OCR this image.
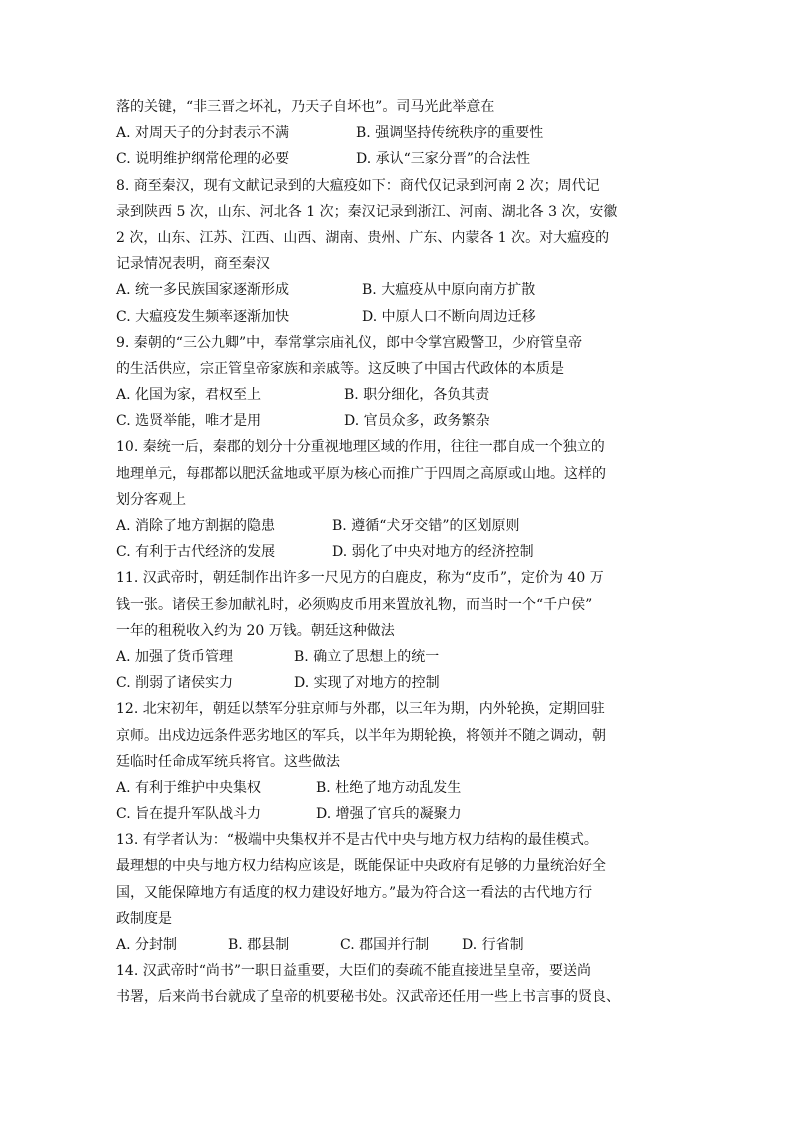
落的关键，“非三晋之坏礼，乃天子自坏也”。司马光此举意在
A. 对周天子的分封表示不满	B. 强调坚持传统秩序的重要性
C. 说明维护纲常伦理的必要	D. 承认“三家分晋”的合法性
8. 商至秦汉，现有文献记录到的大瘟疫如下：商代仅记录到河南 2 次；周代记
录到陕西 5 次，山东、河北各 1 次；秦汉记录到浙江、河南、湖北各 3 次，安徽
2 次，山东、江苏、江西、山西、湖南、贵州、广东、内蒙各 1 次。对大瘟疫的
记录情况表明，商至秦汉
A. 统一多民族国家逐渐形成	B. 大瘟疫从中原向南方扩散
C. 大瘟疫发生频率逐渐加快	D. 中原人口不断向周边迁移
9. 秦朝的“三公九卿”中，奉常掌宗庙礼仪，郎中令掌宫殿警卫，少府管皇帝
的生活供应，宗正管皇帝家族和亲戚等。这反映了中国古代政体的本质是
A. 化国为家，君权至上	B. 职分细化，各负其责
C. 选贤举能，唯才是用	D. 官员众多，政务繁杂
10. 秦统一后，秦郡的划分十分重视地理区域的作用，往往一郡自成一个独立的
地理单元，每郡都以肥沃盆地或平原为核心而推广于四周之高原或山地。这样的
划分客观上
A. 消除了地方割据的隐患	B. 遵循“犬牙交错”的区划原则
C. 有利于古代经济的发展	D. 弱化了中央对地方的经济控制
11. 汉武帝时，朝廷制作出许多一尺见方的白鹿皮，称为“皮币”，定价为 40 万
钱一张。诸侯王参加献礼时，必须购皮币用来置放礼物，而当时一个“千户侯”
一年的租税收入约为 20 万钱。朝廷这种做法
A. 加强了货币管理	B. 确立了思想上的统一
C. 削弱了诸侯实力	D. 实现了对地方的控制
12. 北宋初年，朝廷以禁军分驻京师与外郡，以三年为期，内外轮换，定期回驻
京师。出戍边远条件恶劣地区的军兵，以半年为期轮换，将领并不随之调动，朝
廷临时任命成军统兵将官。这些做法
A. 有利于维护中央集权	B. 杜绝了地方动乱发生
C. 旨在提升军队战斗力	D. 增强了官兵的凝聚力
13. 有学者认为：“极端中央集权并不是古代中央与地方权力结构的最佳模式。
最理想的中央与地方权力结构应该是，既能保证中央政府有足够的力量统治好全
国，又能保障地方有适度的权力建设好地方。”最为符合这一看法的古代地方行
政制度是
A. 分封制	B. 郡县制	C. 郡国并行制	D. 行省制
14. 汉武帝时“尚书”一职日益重要，大臣们的奏疏不能直接进呈皇帝，要送尚
书署，后来尚书台就成了皇帝的机要秘书处。汉武帝还任用一些上书言事的贤良、
